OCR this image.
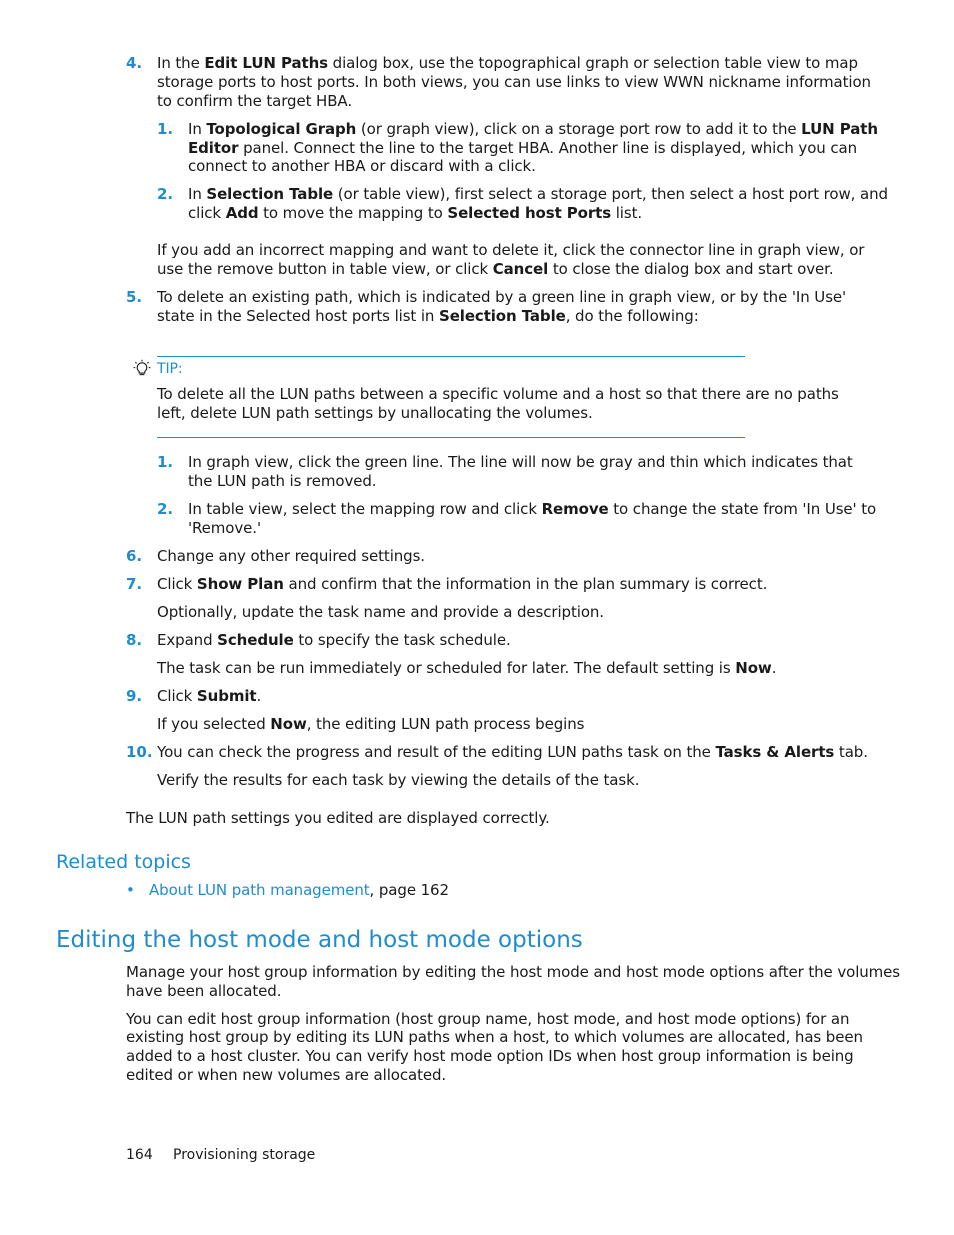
4. In the Edit LUN Paths dialog box, use the topographical graph or selection table view to map
storage ports to host ports. In both views, you can use links to view WWN nickname information
to confirm the target HBA.
1. In Topological Graph (or graph view), click on a storage port row to add it to the LUN Path
Editor panel. Connect the line to the target HBA. Another line is displayed, which you can
connect to another HBA or discard with a click.
2. In Selection Table (or table view), first select a storage port, then select a host port row, and
click Add to move the mapping to Selected host Ports list.
If you add an incorrect mapping and want to delete it, click the connector line in graph view, or
use the remove button in table view, or click Cancel to close the dialog box and start over.
5. To delete an existing path, which is indicated by a green line in graph view, or by the 'In Use'
state in the Selected host ports list in Selection Table, do the following:
TIP:
To delete all the LUN paths between a specific volume and a host so that there are no paths
left, delete LUN path settings by unallocating the volumes.
1. In graph view, click the green line. The line will now be gray and thin which indicates that
the LUN path is removed.
2. In table view, select the mapping row and click Remove to change the state from 'In Use' to
'Remove.'
6. Change any other required settings.
7. Click Show Plan and confirm that the information in the plan summary is correct.
Optionally, update the task name and provide a description.
8. Expand Schedule to specify the task schedule.
The task can be run immediately or scheduled for later. The default setting is Now.
9. Click Submit.
If you selected Now, the editing LUN path process begins
10. You can check the progress and result of the editing LUN paths task on the Tasks & Alerts tab.
Verify the results for each task by viewing the details of the task.
The LUN path settings you edited are displayed correctly.
Related topics
• About LUN path management, page 162
Editing the host mode and host mode options
Manage your host group information by editing the host mode and host mode options after the volumes
have been allocated.
You can edit host group information (host group name, host mode, and host mode options) for an
existing host group by editing its LUN paths when a host, to which volumes are allocated, has been
added to a host cluster. You can verify host mode option IDs when host group information is being
edited or when new volumes are allocated.
164 Provisioning storage
